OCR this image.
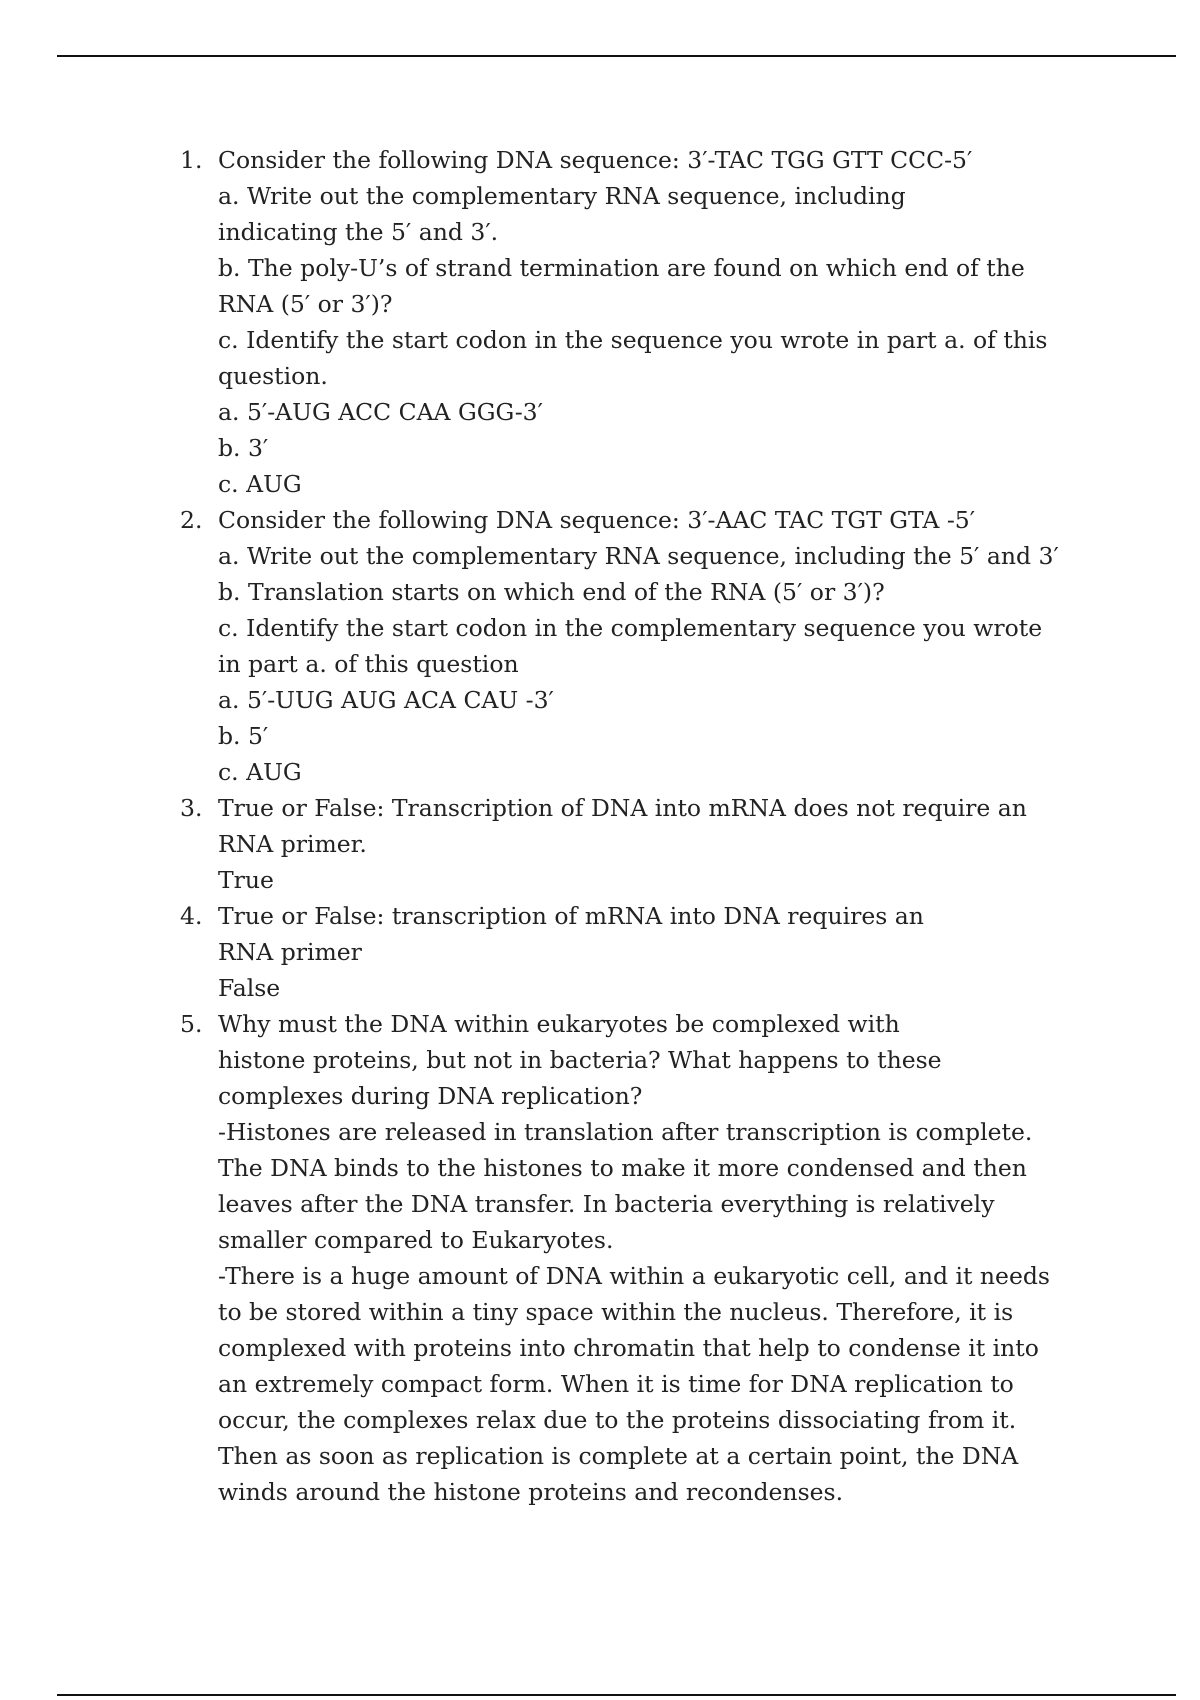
1. Consider the following DNA sequence: 3′-TAC TGG GTT CCC-5′
a. Write out the complementary RNA sequence, including
indicating the 5′ and 3′.
b. The poly-U’s of strand termination are found on which end of the
RNA (5′ or 3′)?
c. Identify the start codon in the sequence you wrote in part a. of this
question.
a. 5′-AUG ACC CAA GGG-3′
b. 3′
c. AUG
2. Consider the following DNA sequence: 3′-AAC TAC TGT GTA -5′
a. Write out the complementary RNA sequence, including the 5′ and 3′
b. Translation starts on which end of the RNA (5′ or 3′)?
c. Identify the start codon in the complementary sequence you wrote
in part a. of this question
a. 5′-UUG AUG ACA CAU -3′
b. 5′
c. AUG
3. True or False: Transcription of DNA into mRNA does not require an
RNA primer.
True
4. True or False: transcription of mRNA into DNA requires an
RNA primer
False
5. Why must the DNA within eukaryotes be complexed with
histone proteins, but not in bacteria? What happens to these
complexes during DNA replication?
-Histones are released in translation after transcription is complete.
The DNA binds to the histones to make it more condensed and then
leaves after the DNA transfer. In bacteria everything is relatively
smaller compared to Eukaryotes.
-There is a huge amount of DNA within a eukaryotic cell, and it needs
to be stored within a tiny space within the nucleus. Therefore, it is
complexed with proteins into chromatin that help to condense it into
an extremely compact form. When it is time for DNA replication to
occur, the complexes relax due to the proteins dissociating from it.
Then as soon as replication is complete at a certain point, the DNA
winds around the histone proteins and recondenses.
